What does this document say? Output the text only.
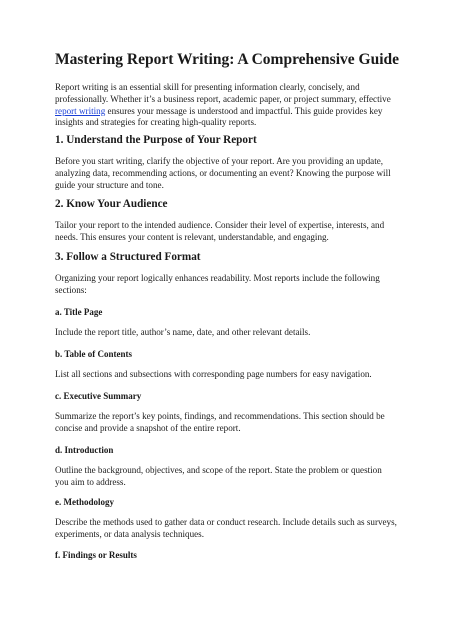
Mastering Report Writing: A Comprehensive Guide

Report writing is an essential skill for presenting information clearly, concisely, and
professionally. Whether it’s a business report, academic paper, or project summary, effective
report writing ensures your message is understood and impactful. This guide provides key
insights and strategies for creating high-quality reports.

1. Understand the Purpose of Your Report

Before you start writing, clarify the objective of your report. Are you providing an update,
analyzing data, recommending actions, or documenting an event? Knowing the purpose will
guide your structure and tone.

2. Know Your Audience

Tailor your report to the intended audience. Consider their level of expertise, interests, and
needs. This ensures your content is relevant, understandable, and engaging.

3. Follow a Structured Format

Organizing your report logically enhances readability. Most reports include the following
sections:

a. Title Page

Include the report title, author’s name, date, and other relevant details.

b. Table of Contents

List all sections and subsections with corresponding page numbers for easy navigation.

c. Executive Summary

Summarize the report’s key points, findings, and recommendations. This section should be
concise and provide a snapshot of the entire report.

d. Introduction

Outline the background, objectives, and scope of the report. State the problem or question
you aim to address.

e. Methodology

Describe the methods used to gather data or conduct research. Include details such as surveys,
experiments, or data analysis techniques.

f. Findings or Results
